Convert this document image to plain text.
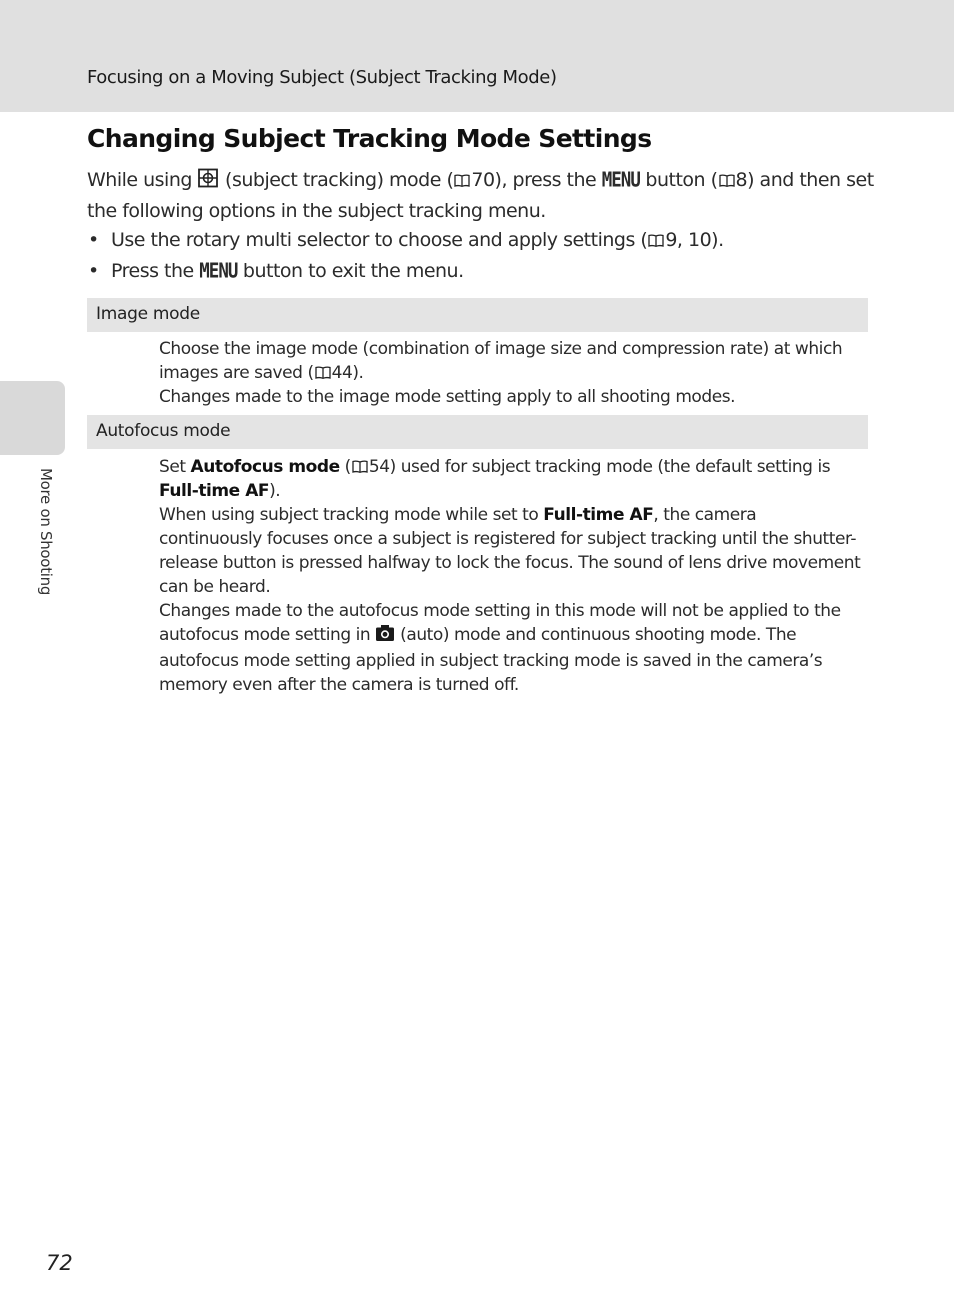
Focusing on a Moving Subject (Subject Tracking Mode)
More on Shooting
Changing Subject Tracking Mode Settings

While using (subject tracking) mode ( 70), press the MENU button ( 8) and then set the following options in the subject tracking menu.

• Use the rotary multi selector to choose and apply settings ( 9, 10).
• Press the MENU button to exit the menu.
Image mode

Choose the image mode (combination of image size and compression rate) at which images are saved ( 44).

Changes made to the image mode setting apply to all shooting modes.

Autofocus mode

Set Autofocus mode ( 54) used for subject tracking mode (the default setting is Full-time AF).

When using subject tracking mode while set to Full-time AF, the camera continuously focuses once a subject is registered for subject tracking until the shutter-release button is pressed halfway to lock the focus. The sound of lens drive movement can be heard.

Changes made to the autofocus mode setting in this mode will not be applied to the autofocus mode setting in (auto) mode and continuous shooting mode. The autofocus mode setting applied in subject tracking mode is saved in the camera’s memory even after the camera is turned off.

72
